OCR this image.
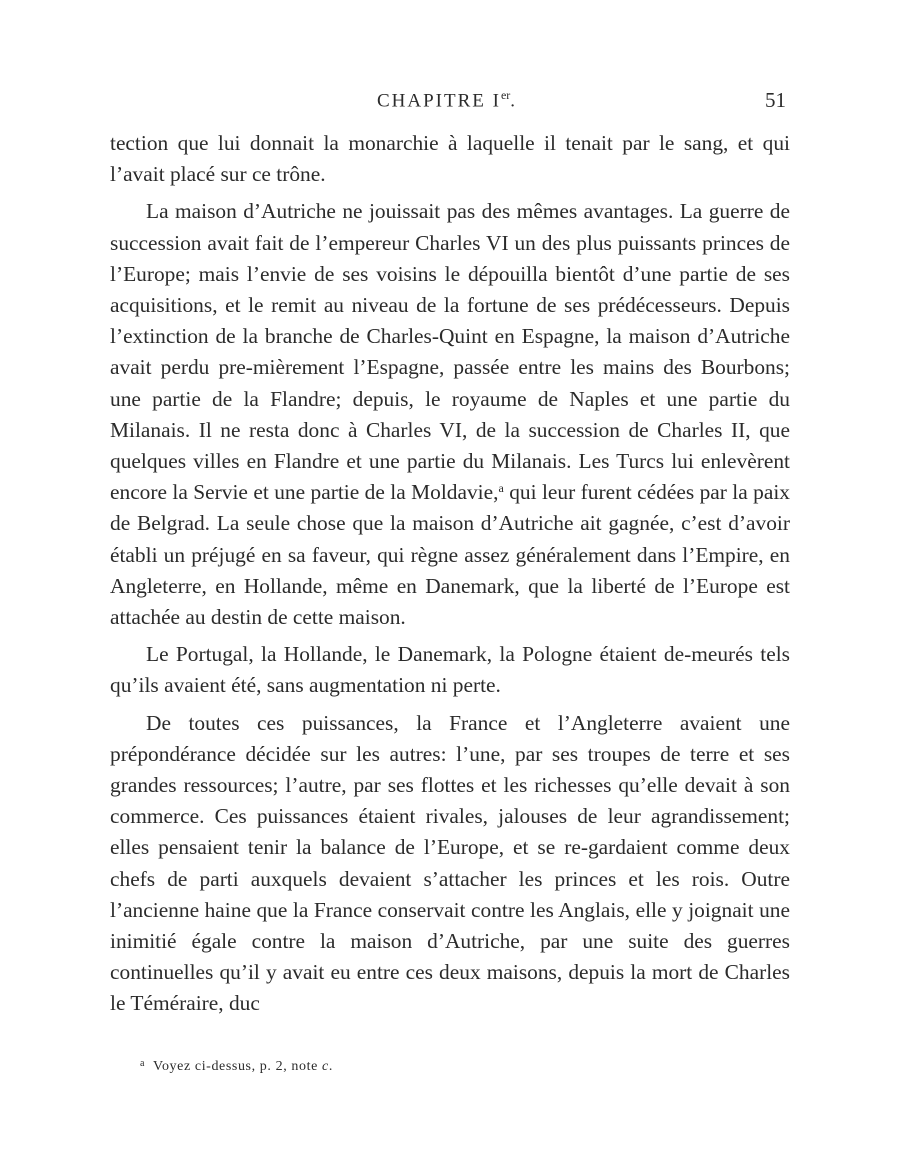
CHAPITRE Ier.	51

tection que lui donnait la monarchie à laquelle il tenait par le sang, et qui l’avait placé sur ce trône.

La maison d’Autriche ne jouissait pas des mêmes avantages. La guerre de succession avait fait de l’empereur Charles VI un des plus puissants princes de l’Europe; mais l’envie de ses voisins le dépouilla bientôt d’une partie de ses acquisitions, et le remit au niveau de la fortune de ses prédécesseurs. Depuis l’extinction de la branche de Charles-Quint en Espagne, la maison d’Autriche avait perdu pre-mièrement l’Espagne, passée entre les mains des Bourbons; une partie de la Flandre; depuis, le royaume de Naples et une partie du Milanais. Il ne resta donc à Charles VI, de la succession de Charles II, que quelques villes en Flandre et une partie du Milanais. Les Turcs lui enlevèrent encore la Servie et une partie de la Moldavie,$^a$ qui leur furent cédées par la paix de Belgrad. La seule chose que la maison d’Autriche ait gagnée, c’est d’avoir établi un préjugé en sa faveur, qui règne assez généralement dans l’Empire, en Angleterre, en Hollande, même en Danemark, que la liberté de l’Europe est attachée au destin de cette maison.

Le Portugal, la Hollande, le Danemark, la Pologne étaient de-meurés tels qu’ils avaient été, sans augmentation ni perte.

De toutes ces puissances, la France et l’Angleterre avaient une prépondérance décidée sur les autres: l’une, par ses troupes de terre et ses grandes ressources; l’autre, par ses flottes et les richesses qu’elle devait à son commerce. Ces puissances étaient rivales, jalouses de leur agrandissement; elles pensaient tenir la balance de l’Europe, et se re-gardaient comme deux chefs de parti auxquels devaient s’attacher les princes et les rois. Outre l’ancienne haine que la France conservait contre les Anglais, elle y joignait une inimitié égale contre la maison d’Autriche, par une suite des guerres continuelles qu’il y avait eu entre ces deux maisons, depuis la mort de Charles le Téméraire, duc

$^a$ Voyez ci-dessus, p. 2, note c.
